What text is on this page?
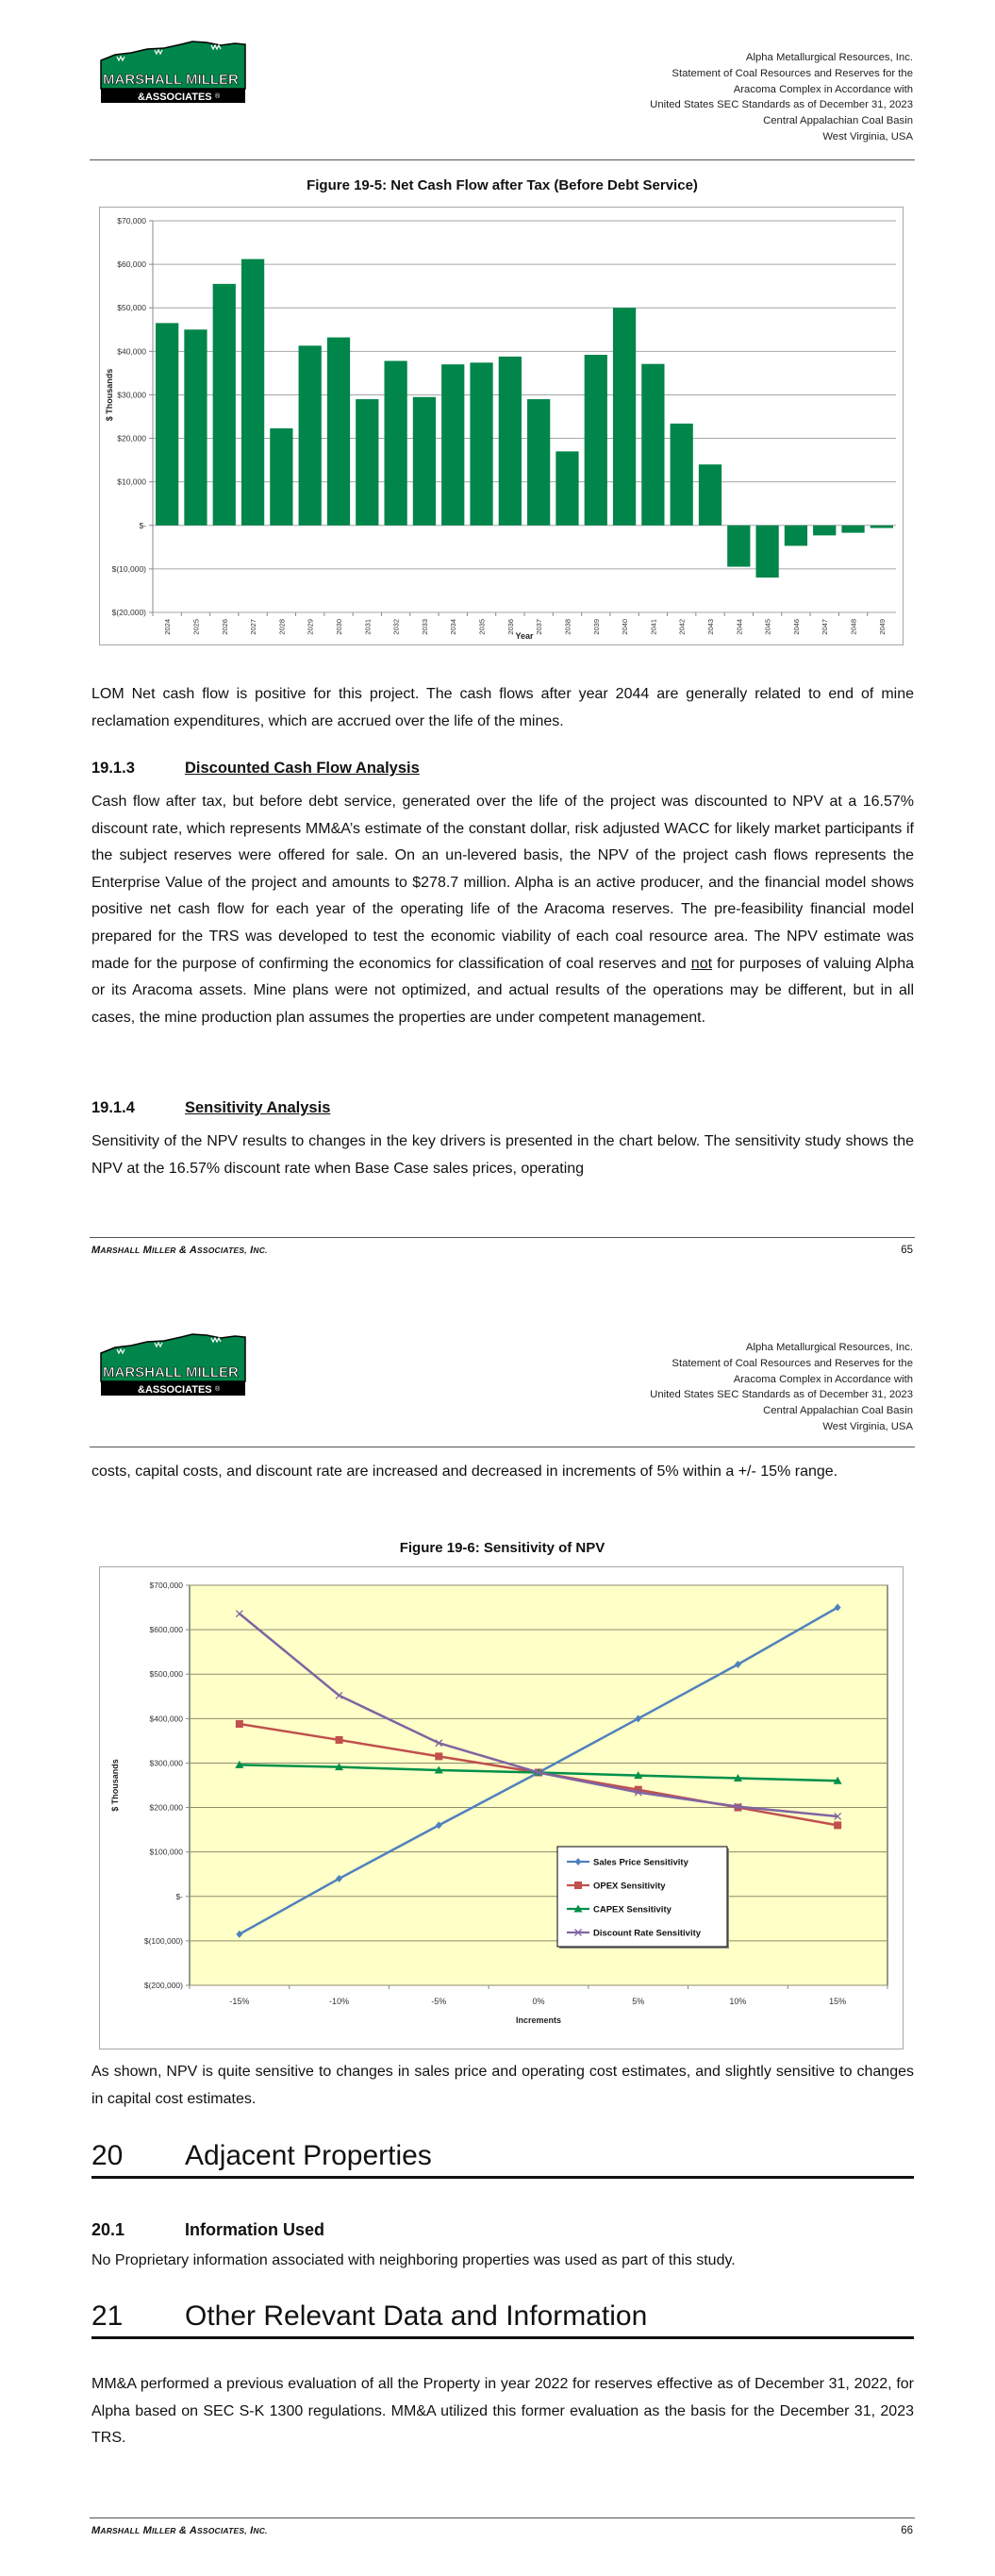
MARSHALL MILLER
&ASSOCIATES ®
Alpha Metallurgical Resources, Inc.
Statement of Coal Resources and Reserves for the
Aracoma Complex in Accordance with
United States SEC Standards as of December 31, 2023
Central Appalachian Coal Basin
West Virginia, USA
Figure 19-5: Net Cash Flow after Tax (Before Debt Service)
$70,000
$60,000
$50,000
$40,000
$30,000
$20,000
$10,000
$-
$(10,000)
$(20,000)
2024	2025	2026	2027	2028	2029	2030	2031	2032	2033	2034	2035	2036	2037	2038	2039	2040	2041	2042	2043	2044	2045	2046	2047	2048	2049
Year
$ Thousands
LOM Net cash flow is positive for this project. The cash flows after year 2044 are generally related to end of mine reclamation expenditures, which are accrued over the life of the mines.
19.1.3	Discounted Cash Flow Analysis
Cash flow after tax, but before debt service, generated over the life of the project was discounted to NPV at a 16.57% discount rate, which represents MM&A’s estimate of the constant dollar, risk adjusted WACC for likely market participants if the subject reserves were offered for sale. On an un-levered basis, the NPV of the project cash flows represents the Enterprise Value of the project and amounts to $278.7 million. Alpha is an active producer, and the financial model shows positive net cash flow for each year of the operating life of the Aracoma reserves. The pre-feasibility financial model prepared for the TRS was developed to test the economic viability of each coal resource area. The NPV estimate was made for the purpose of confirming the economics for classification of coal reserves and not for purposes of valuing Alpha or its Aracoma assets. Mine plans were not optimized, and actual results of the operations may be different, but in all cases, the mine production plan assumes the properties are under competent management.
19.1.4	Sensitivity Analysis
Sensitivity of the NPV results to changes in the key drivers is presented in the chart below. The sensitivity study shows the NPV at the 16.57% discount rate when Base Case sales prices, operating
MARSHALL MILLER & ASSOCIATES, INC.	65
MARSHALL MILLER
&ASSOCIATES ®
Alpha Metallurgical Resources, Inc.
Statement of Coal Resources and Reserves for the
Aracoma Complex in Accordance with
United States SEC Standards as of December 31, 2023
Central Appalachian Coal Basin
West Virginia, USA
costs, capital costs, and discount rate are increased and decreased in increments of 5% within a +/- 15% range.
Figure 19-6: Sensitivity of NPV
$700,000
$600,000
$500,000
$400,000
$300,000
$200,000
$100,000
$-
$(100,000)
$(200,000)
-15%	-10%	-5%	0%	5%	10%	15%
Increments
$ Thousands
Sales Price Sensitivity
OPEX Sensitivity
CAPEX Sensitivity
Discount Rate Sensitivity
As shown, NPV is quite sensitive to changes in sales price and operating cost estimates, and slightly sensitive to changes in capital cost estimates.
20 Adjacent Properties
20.1	Information Used
No Proprietary information associated with neighboring properties was used as part of this study.
21 Other Relevant Data and Information
MM&A performed a previous evaluation of all the Property in year 2022 for reserves effective as of December 31, 2022, for Alpha based on SEC S-K 1300 regulations. MM&A utilized this former evaluation as the basis for the December 31, 2023 TRS.
MARSHALL MILLER & ASSOCIATES, INC.	66
